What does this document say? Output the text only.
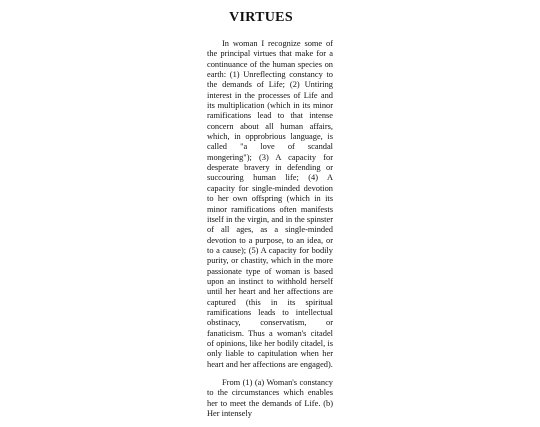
VIRTUES

In woman I recognize some of the principal virtues that make for a continuance of the human species on earth: (1) Unreflecting constancy to the demands of Life; (2) Untiring interest in the processes of Life and its multiplication (which in its minor ramifications lead to that intense concern about all human affairs, which, in opprobrious language, is called "a love of scandal mongering"); (3) A capacity for desperate bravery in defending or succouring human life; (4) A capacity for single-minded devotion to her own offspring (which in its minor ramifications often manifests itself in the virgin, and in the spinster of all ages, as a single-minded devotion to a purpose, to an idea, or to a cause); (5) A capacity for bodily purity, or chastity, which in the more passionate type of woman is based upon an instinct to withhold herself until her heart and her affections are captured (this in its spiritual ramifications leads to intellectual obstinacy, conservatism, or fanaticism. Thus a woman's citadel of opinions, like her bodily citadel, is only liable to capitulation when her heart and her affections are engaged).

From (1) (a) Woman's constancy to the circumstances which enables her to meet the demands of Life. (b) Her intensely
